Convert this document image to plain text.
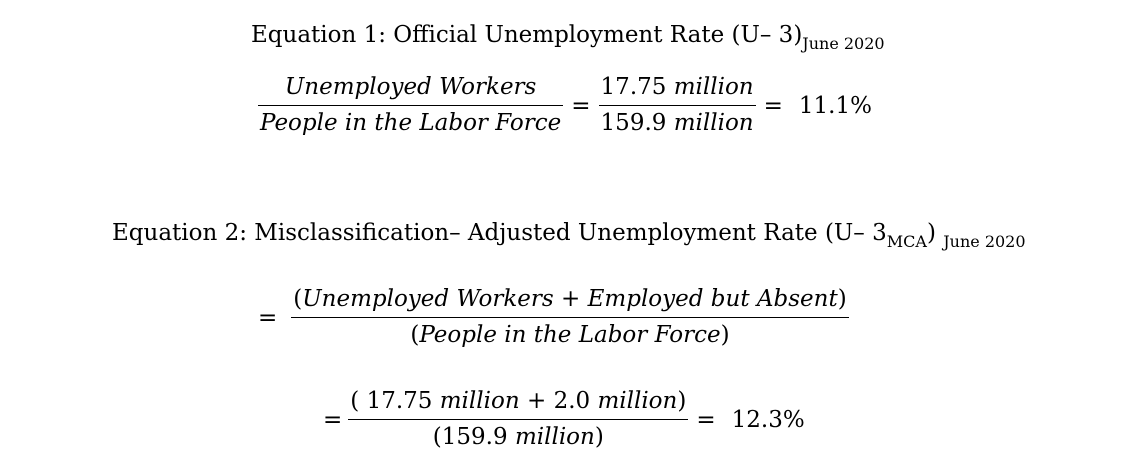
Equation 1: Official Unemployment Rate (U– $3)_{June 2020}$
$\frac{\text{Unemployed Workers}}{\text{People in the Labor Force}} = \frac{\text{17.75 million}}{\text{159.9 million}} = 11.1\%$
Equation 2: Misclassification– Adjusted Unemployment Rate (U– $3_{MCA}$) $_{June 2020}$
= $\frac{\text{(Unemployed Workers + Employed but Absent)}}{\text{(People in the Labor Force)}}$
= $\frac{\text{( 17.75 million + 2.0 million)}}{\text{(159.9 million)}} = 12.3\%$
